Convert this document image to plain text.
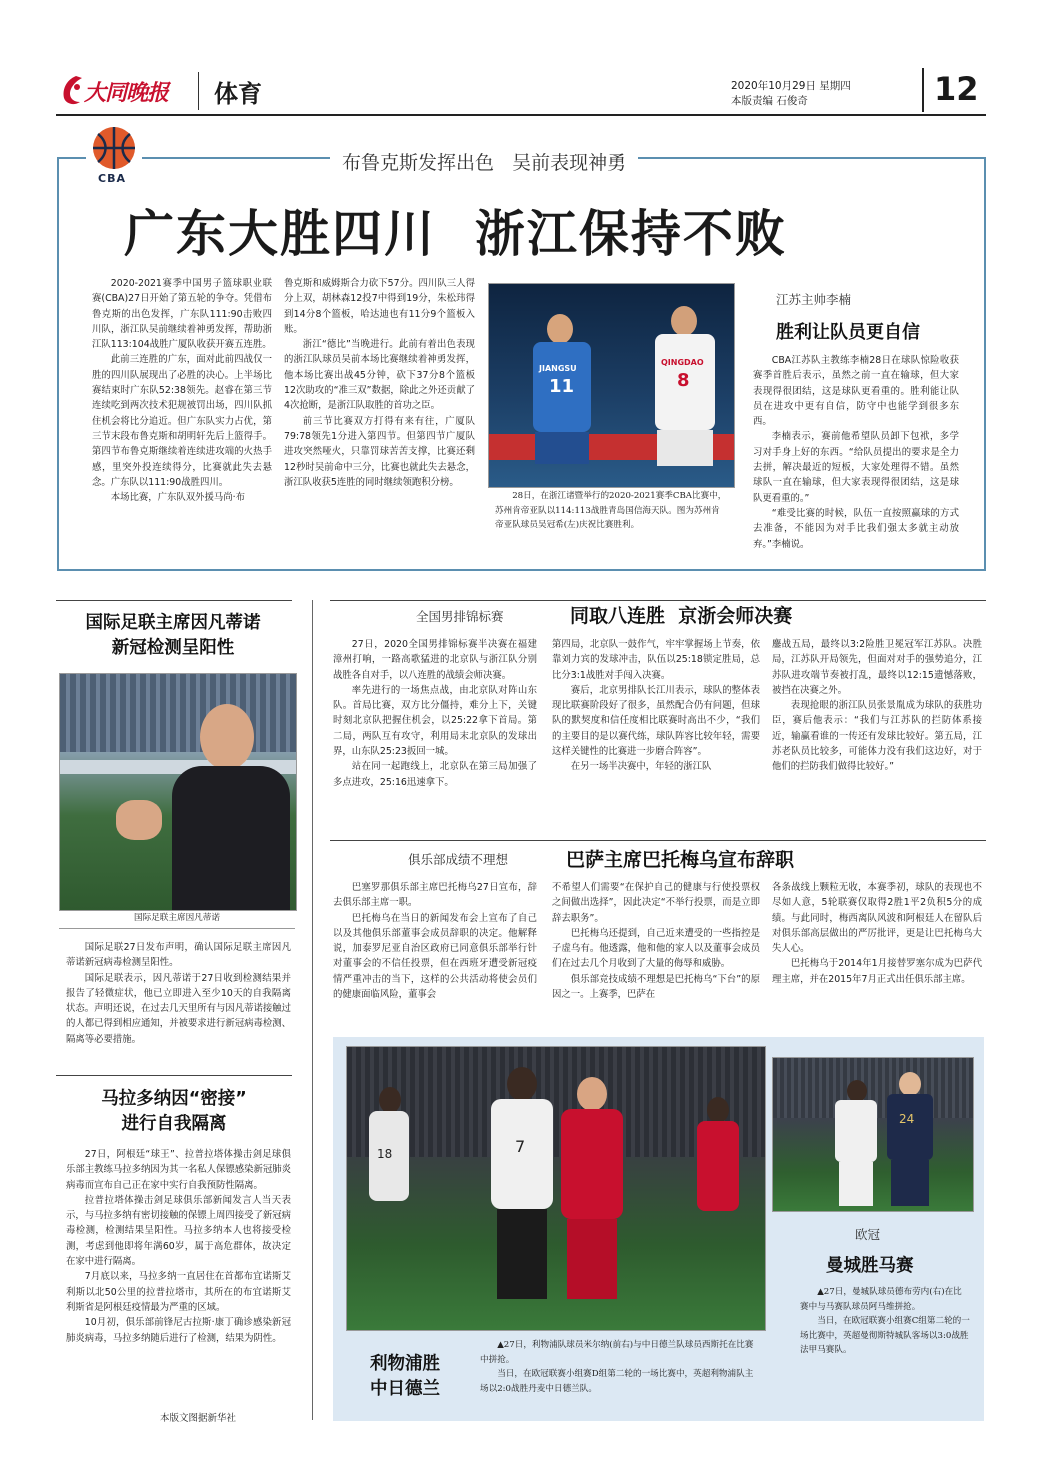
大同晚报 体育	2020年10月29日 星期四
本版责编 石俊奇	12
CBA
布鲁克斯发挥出色   吴前表现神勇
广东大胜四川  浙江保持不败

2020-2021赛季中国男子篮球职业联赛(CBA)27日开始了第五轮的争夺。凭借布鲁克斯的出色发挥，广东队111:90击败四川队，浙江队吴前继续着神勇发挥，帮助浙江队113:104战胜广厦队收获开赛五连胜。

此前三连胜的广东，面对此前四战仅一胜的四川队展现出了必胜的决心。上半场比赛结束时广东队52:38领先。赵睿在第三节连续吃到两次技术犯规被罚出场，四川队抓住机会将比分追近。但广东队实力占优，第三节末段布鲁克斯和胡明轩先后上篮得手。第四节布鲁克斯继续着连续进攻端的火热手感，里突外投连续得分，比赛就此失去悬念。广东队以111:90战胜四川。

本场比赛，广东队双外援马尚·布

鲁克斯和威姆斯合力砍下57分。四川队三人得分上双，胡林森12投7中得到19分，朱松玮得到14分8个篮板，哈达迪也有11分9个篮板入账。

浙江“德比”当晚进行。此前有着出色表现的浙江队球员吴前本场比赛继续着神勇发挥，他本场比赛出战45分钟，砍下37分8个篮板12次助攻的“准三双”数据，除此之外还贡献了4次抢断，是浙江队取胜的首功之臣。

前三节比赛双方打得有来有往，广厦队79:78领先1分进入第四节。但第四节广厦队进攻突然哑火，只靠罚球苦苦支撑，比赛还剩12秒时吴前命中三分，比赛也就此失去悬念，浙江队收获5连胜的同时继续领跑积分榜。

JIANGSU
11
QINGDAO
8
28日，在浙江诸暨举行的2020-2021赛季CBA比赛中，苏州肯帝亚队以114:113战胜青岛国信海天队。图为苏州肯帝亚队球员吴冠希(左)庆祝比赛胜利。
江苏主帅李楠
胜利让队员更自信

CBA江苏队主教练李楠28日在球队惊险收获赛季首胜后表示，虽然之前一直在输球，但大家表现得很团结，这是球队更看重的。胜利能让队员在进攻中更有自信，防守中也能学到很多东西。

李楠表示，赛前他希望队员卸下包袱，多学习对手身上好的东西。“给队员提出的要求是全力去拼，解决最近的短板，大家处理得不错。虽然球队一直在输球，但大家表现得很团结，这是球队更看重的。”

“难受比赛的时候，队伍一直按照赢球的方式去准备，不能因为对手比我们强太多就主动放弃。”李楠说。

国际足联主席因凡蒂诺
新冠检测呈阳性
国际足联主席因凡蒂诺

国际足联27日发布声明，确认国际足联主席因凡蒂诺新冠病毒检测呈阳性。

国际足联表示，因凡蒂诺于27日收到检测结果并报告了轻微症状，他已立即进入至少10天的自我隔离状态。声明还说，在过去几天里所有与因凡蒂诺接触过的人都已得到相应通知，并被要求进行新冠病毒检测、隔离等必要措施。

马拉多纳因“密接”
进行自我隔离

27日，阿根廷“球王”、拉普拉塔体操击剑足球俱乐部主教练马拉多纳因为其一名私人保镖感染新冠肺炎病毒而宣布自己正在家中实行自我预防性隔离。

拉普拉塔体操击剑足球俱乐部新闻发言人当天表示，与马拉多纳有密切接触的保镖上周四接受了新冠病毒检测，检测结果呈阳性。马拉多纳本人也将接受检测，考虑到他即将年满60岁，属于高危群体，故决定在家中进行隔离。

7月底以来，马拉多纳一直居住在首都布宜诺斯艾利斯以北50公里的拉普拉塔市，其所在的布宜诺斯艾利斯省是阿根廷疫情最为严重的区域。

10月初，俱乐部前锋尼古拉斯·康丁确诊感染新冠肺炎病毒，马拉多纳随后进行了检测，结果为阴性。

本版文图据新华社
全国男排锦标赛	同取八连胜  京浙会师决赛

27日，2020全国男排锦标赛半决赛在福建漳州打响，一路高歌猛进的北京队与浙江队分别战胜各自对手，以八连胜的战绩会师决赛。

率先进行的一场焦点战，由北京队对阵山东队。首局比赛，双方比分僵持，难分上下，关键时刻北京队把握住机会，以25:22拿下首局。第二局，两队互有攻守，利用局末北京队的发球出界，山东队25:23扳回一城。

站在同一起跑线上，北京队在第三局加强了多点进攻，25:16迅速拿下。

第四局，北京队一鼓作气，牢牢掌握场上节奏，依靠刘力宾的发球冲击，队伍以25:18锁定胜局，总比分3:1战胜对手闯入决赛。

赛后，北京男排队长江川表示，球队的整体表现比联赛阶段好了很多，虽然配合仍有问题，但球队的默契度和信任度相比联赛时高出不少，“我们的主要目的是以赛代练，球队阵容比较年轻，需要这样关键性的比赛进一步磨合阵容”。

在另一场半决赛中，年轻的浙江队

鏖战五局，最终以3:2险胜卫冕冠军江苏队。决胜局，江苏队开局领先，但面对对手的强势追分，江苏队进攻端节奏被打乱，最终以12:15遗憾落败，被挡在决赛之外。

表现抢眼的浙江队员张景胤成为球队的获胜功臣，赛后他表示：“我们与江苏队的拦防体系接近，输赢看谁的一传还有发球比较好。第五局，江苏老队员比较多，可能体力没有我们这边好，对于他们的拦防我们做得比较好。”

俱乐部成绩不理想	巴萨主席巴托梅乌宣布辞职

巴塞罗那俱乐部主席巴托梅乌27日宣布，辞去俱乐部主席一职。

巴托梅乌在当日的新闻发布会上宣布了自己以及其他俱乐部董事会成员辞职的决定。他解释说，加泰罗尼亚自治区政府已同意俱乐部举行针对董事会的不信任投票，但在西班牙遭受新冠疫情严重冲击的当下，这样的公共活动将使会员们的健康面临风险，董事会

不希望人们需要“在保护自己的健康与行使投票权之间做出选择”，因此决定“不举行投票，而是立即辞去职务”。

巴托梅乌还提到，自己近来遭受的一些指控是子虚乌有。他透露，他和他的家人以及董事会成员们在过去几个月收到了大量的侮辱和威胁。

俱乐部竞技成绩不理想是巴托梅乌“下台”的原因之一。上赛季，巴萨在

各条战线上颗粒无收，本赛季初，球队的表现也不尽如人意，5轮联赛仅取得2胜1平2负积5分的成绩。与此同时，梅西离队风波和阿根廷人在留队后对俱乐部高层做出的严厉批评，更是让巴托梅乌大失人心。

巴托梅乌于2014年1月接替罗塞尔成为巴萨代理主席，并在2015年7月正式出任俱乐部主席。

7
18
利物浦胜
中日德兰
▲27日，利物浦队球员米尔纳(前右)与中日德兰队球员西斯托在比赛中拼抢。
当日，在欧冠联赛小组赛D组第二轮的一场比赛中，英超利物浦队主场以2:0战胜丹麦中日德兰队。
24
欧冠
曼城胜马赛
▲27日，曼城队球员德布劳内(右)在比赛中与马赛队球员阿马维拼抢。
当日，在欧冠联赛小组赛C组第二轮的一场比赛中，英超曼彻斯特城队客场以3:0战胜法甲马赛队。
